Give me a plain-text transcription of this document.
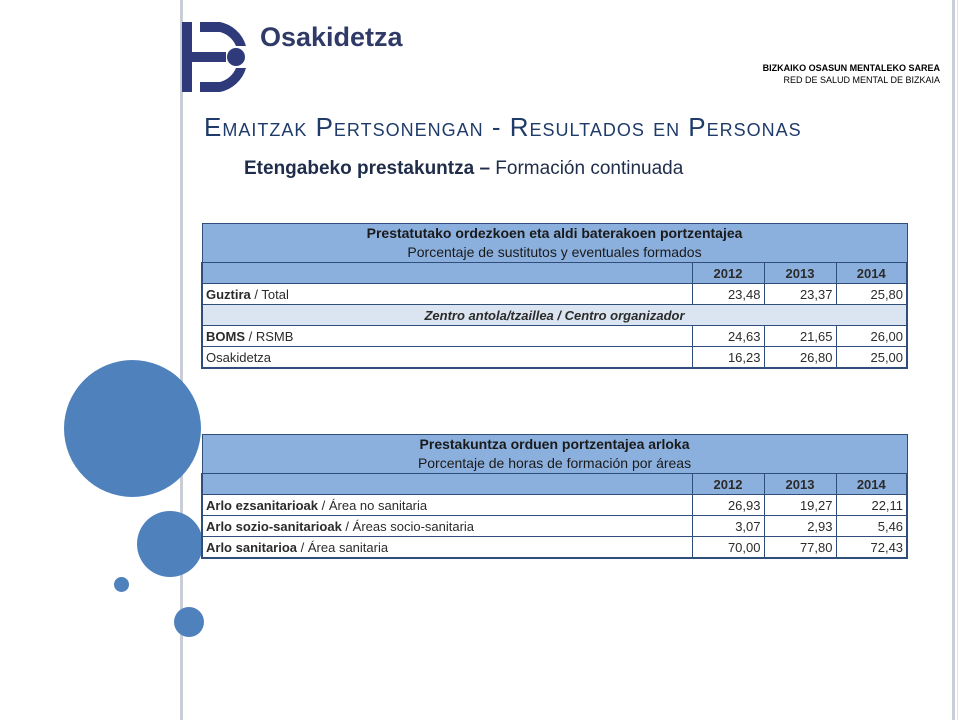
Osakidetza
BIZKAIKO OSASUN MENTALEKO SAREA
RED DE SALUD MENTAL DE BIZKAIA
Emaitzak Pertsonengan - Resultados en Personas
Etengabeko prestakuntza – Formación continuada
Prestatutako ordezkoen eta aldi baterakoen portzentajea
Porcentaje de sustitutos y eventuales formados			

	2012	2013	2014
Guztira / Total	23,48	23,37	25,80
Zentro antola/tzaillea / Centro organizador			
BOMS / RSMB	24,63	21,65	26,00
Osakidetza	16,23	26,80	25,00
Prestakuntza orduen portzentajea arloka
Porcentaje de horas de formación por áreas			

	2012	2013	2014
Arlo ezsanitarioak / Área no sanitaria	26,93	19,27	22,11
Arlo sozio-sanitarioak / Áreas socio-sanitaria	3,07	2,93	5,46
Arlo sanitarioa / Área sanitaria	70,00	77,80	72,43
